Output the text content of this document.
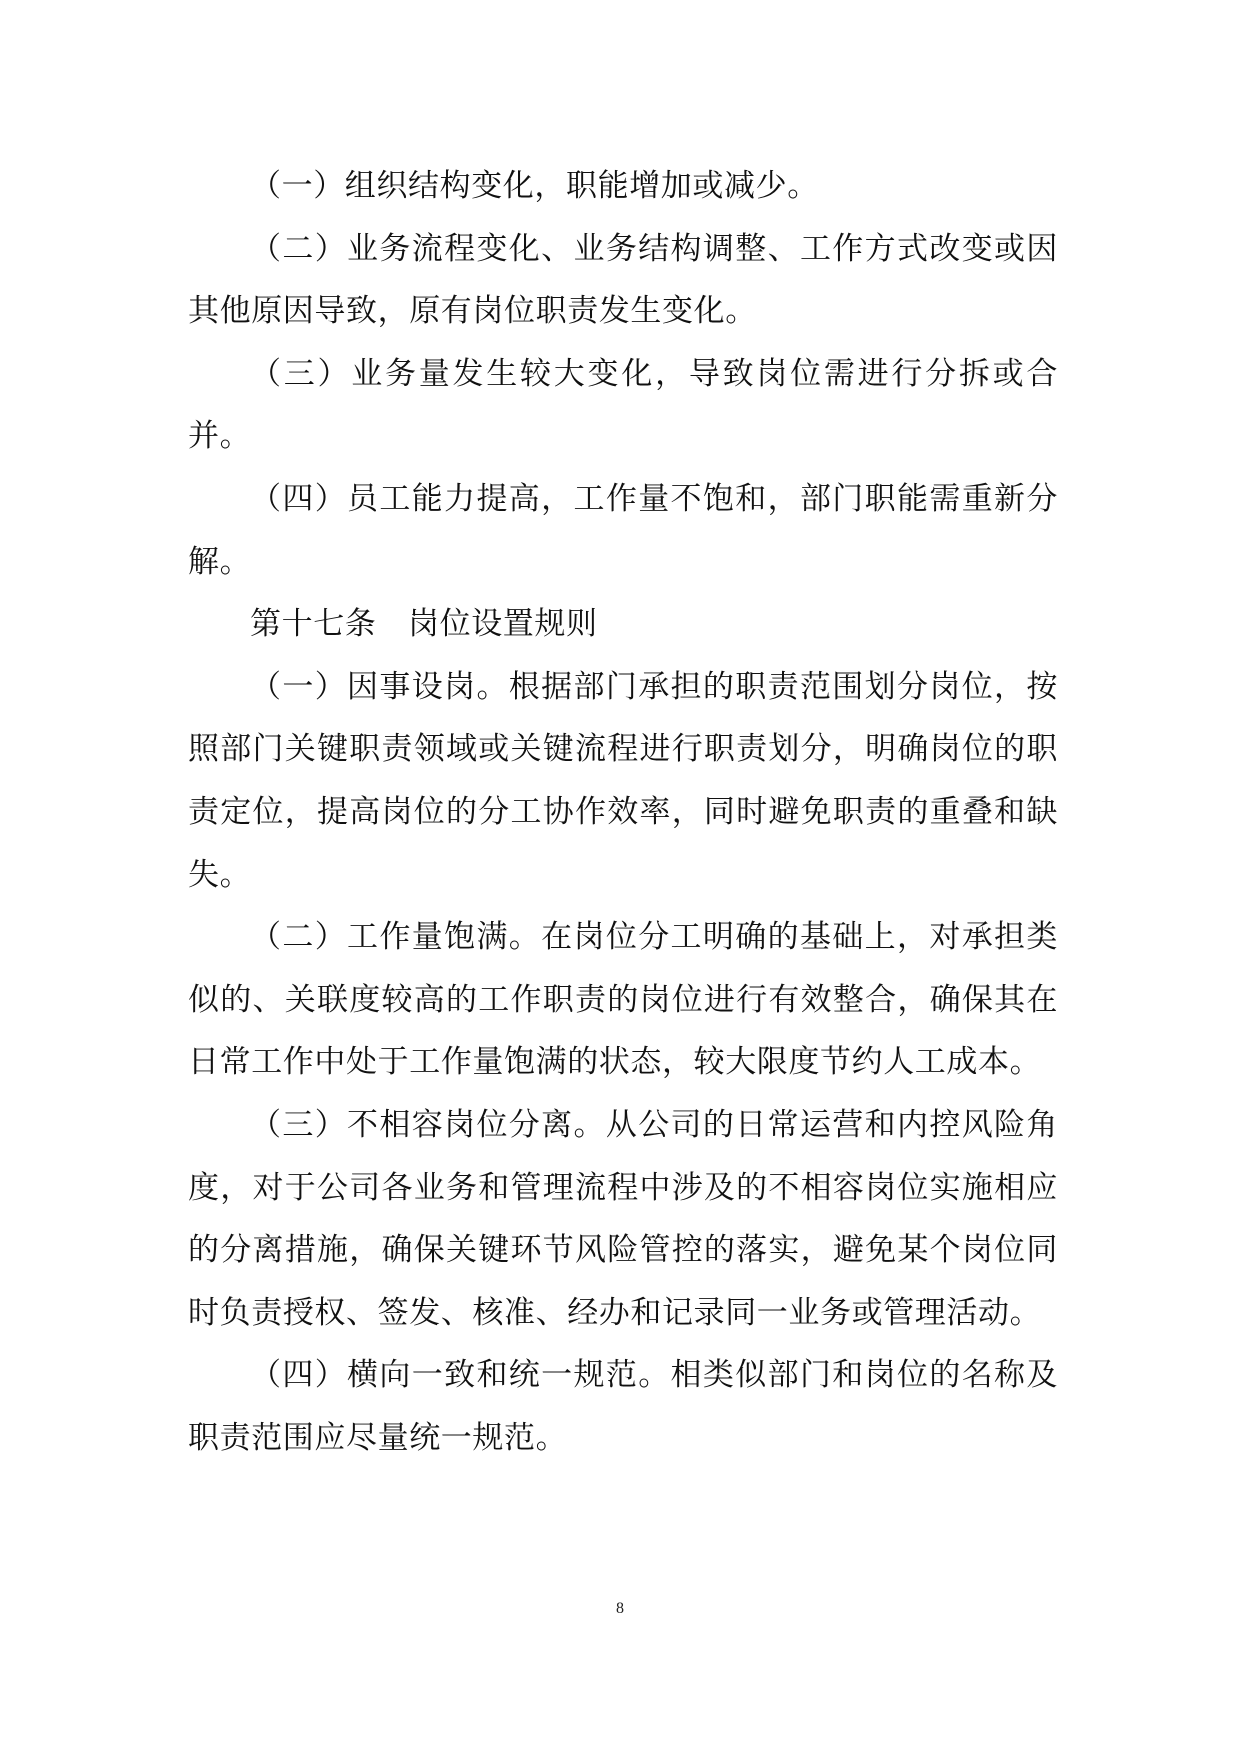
（一）组织结构变化，职能增加或减少。

（二）业务流程变化、业务结构调整、工作方式改变或因其他原因导致，原有岗位职责发生变化。

（三）业务量发生较大变化，导致岗位需进行分拆或合并。

（四）员工能力提高，工作量不饱和，部门职能需重新分解。

第十七条　岗位设置规则

（一）因事设岗。根据部门承担的职责范围划分岗位，按照部门关键职责领域或关键流程进行职责划分，明确岗位的职责定位，提高岗位的分工协作效率，同时避免职责的重叠和缺失。

（二）工作量饱满。在岗位分工明确的基础上，对承担类似的、关联度较高的工作职责的岗位进行有效整合，确保其在日常工作中处于工作量饱满的状态，较大限度节约人工成本。

（三）不相容岗位分离。从公司的日常运营和内控风险角度，对于公司各业务和管理流程中涉及的不相容岗位实施相应的分离措施，确保关键环节风险管控的落实，避免某个岗位同时负责授权、签发、核准、经办和记录同一业务或管理活动。

（四）横向一致和统一规范。相类似部门和岗位的名称及职责范围应尽量统一规范。

8
